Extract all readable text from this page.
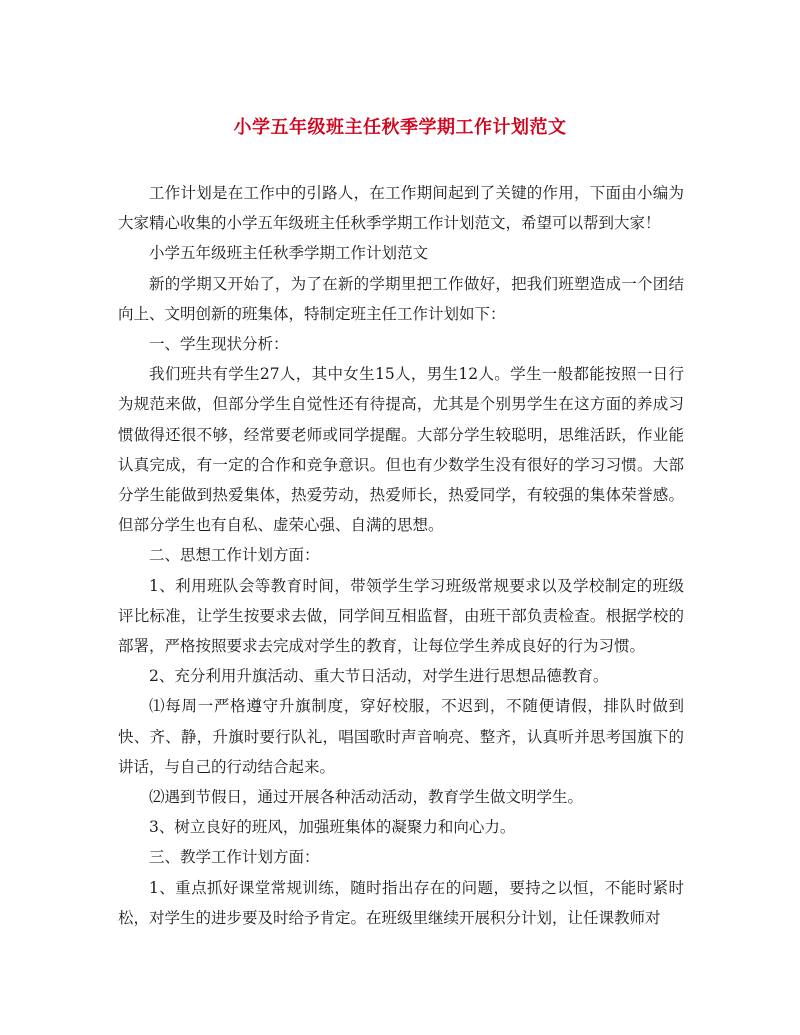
小学五年级班主任秋季学期工作计划范文

工作计划是在工作中的引路人，在工作期间起到了关键的作用，下面由小编为大家精心收集的小学五年级班主任秋季学期工作计划范文，希望可以帮到大家！

小学五年级班主任秋季学期工作计划范文

新的学期又开始了，为了在新的学期里把工作做好，把我们班塑造成一个团结向上、文明创新的班集体，特制定班主任工作计划如下：

一、学生现状分析：

我们班共有学生27人，其中女生15人，男生12人。学生一般都能按照一日行为规范来做，但部分学生自觉性还有待提高，尤其是个别男学生在这方面的养成习惯做得还很不够，经常要老师或同学提醒。大部分学生较聪明，思维活跃，作业能认真完成，有一定的合作和竞争意识。但也有少数学生没有很好的学习习惯。大部分学生能做到热爱集体，热爱劳动，热爱师长，热爱同学，有较强的集体荣誉感。但部分学生也有自私、虚荣心强、自满的思想。

二、思想工作计划方面：

1、利用班队会等教育时间，带领学生学习班级常规要求以及学校制定的班级评比标准，让学生按要求去做，同学间互相监督，由班干部负责检查。根据学校的部署，严格按照要求去完成对学生的教育，让每位学生养成良好的行为习惯。

2、充分利用升旗活动、重大节日活动，对学生进行思想品德教育。

⑴每周一严格遵守升旗制度，穿好校服，不迟到，不随便请假，排队时做到快、齐、静，升旗时要行队礼，唱国歌时声音响亮、整齐，认真听并思考国旗下的讲话，与自己的行动结合起来。

⑵遇到节假日，通过开展各种活动活动，教育学生做文明学生。

3、树立良好的班风，加强班集体的凝聚力和向心力。

三、教学工作计划方面：

1、重点抓好课堂常规训练，随时指出存在的问题，要持之以恒，不能时紧时松，对学生的进步要及时给予肯定。在班级里继续开展积分计划，让任课教师对
